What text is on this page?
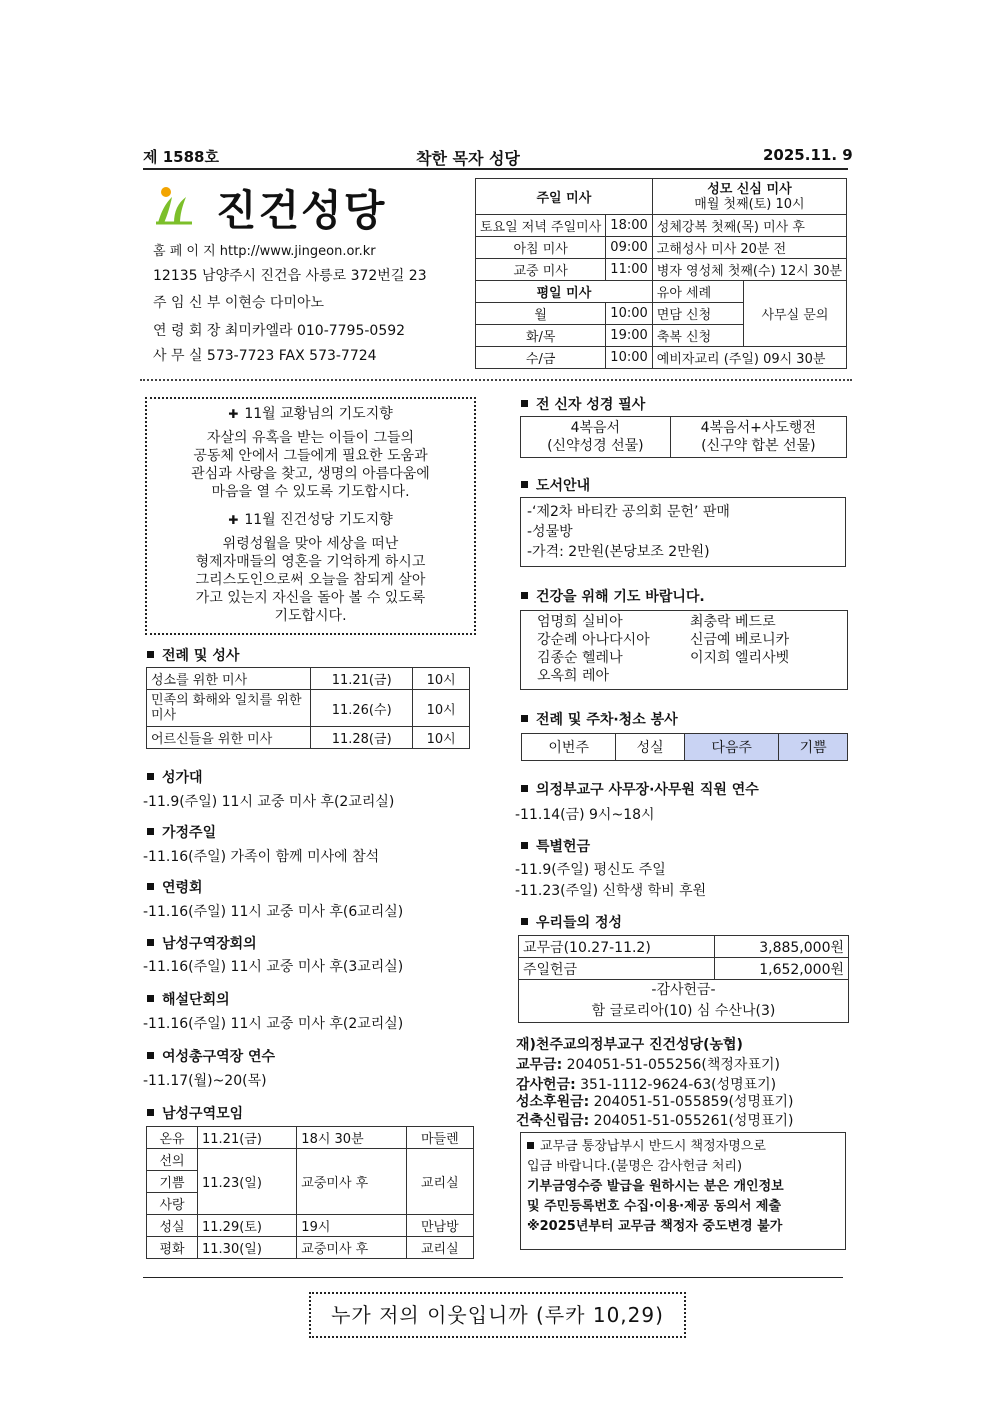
제 1588호	착한 목자 성당	2025.11. 9
진건성당
홈 페 이 지 http://www.jingeon.or.kr
12135 남양주시 진건읍 사릉로 372번길 23
주 임 신 부 이현승 다미아노
연 령 회 장 최미카엘라 010-7795-0592
사 무 실 573-7723 FAX 573-7724
주일 미사		성모 신심 미사
매월 첫째(토) 10시	

토요일 저녁 주일미사	18:00	성체강복 첫째(목) 미사 후	
아침 미사	09:00	고해성사 미사 20분 전	
교중 미사	11:00	병자 영성체 첫째(수) 12시 30분	
평일 미사		유아 세례	사무실 문의
월	10:00	면담 신청	
화/목	19:00	축복 신청	
수/금	10:00	예비자교리 (주일) 09시 30분	
✚ 11월 교황님의 기도지향
자살의 유혹을 받는 이들이 그들의
공동체 안에서 그들에게 필요한 도움과
관심과 사랑을 찾고, 생명의 아름다움에
마음을 열 수 있도록 기도합시다.
✚ 11월 진건성당 기도지향
위령성월을 맞아 세상을 떠난
형제자매들의 영혼을 기억하게 하시고
그리스도인으로써 오늘을 참되게 살아
가고 있는지 자신을 돌아 볼 수 있도록
기도합시다.
전례 및 성사
성소를 위한 미사	11.21(금)	10시
민족의 화해와 일치를 위한 미사	11.26(수)	10시
어르신들을 위한 미사	11.28(금)	10시
성가대
-11.9(주일) 11시 교중 미사 후(2교리실)
가정주일
-11.16(주일) 가족이 함께 미사에 참석
연령회
-11.16(주일) 11시 교중 미사 후(6교리실)
남성구역장회의
-11.16(주일) 11시 교중 미사 후(3교리실)
해설단회의
-11.16(주일) 11시 교중 미사 후(2교리실)
여성총구역장 연수
-11.17(월)~20(목)
남성구역모임
온유	11.21(금)	18시 30분	마들렌
선의	11.23(일)	교중미사 후	교리실
기쁨			
사랑			
성실	11.29(토)	19시	만남방
평화	11.30(일)	교중미사 후	교리실
전 신자 성경 필사
4복음서
(신약성경 선물)

4복음서+사도행전
(신구약 합본 선물)
도서안내
-‘제2차 바티칸 공의회 문헌’ 판매
-성물방
-가격: 2만원(본당보조 2만원)
건강을 위해 기도 바랍니다.
엄명희 실비아
강순례 아나다시아
김종순 헬레나
오옥희 레아
최충락 베드로
신금예 베로니카
이지희 엘리사벳
전례 및 주차·청소 봉사
이번주	성실	다음주	기쁨
의정부교구 사무장·사무원 직원 연수
-11.14(금) 9시~18시
특별헌금
-11.9(주일) 평신도 주일
-11.23(주일) 신학생 학비 후원
우리들의 정성
교무금(10.27-11.2)	3,885,000원
주일헌금	1,652,000원

-감사헌금-
함 글로리아(10) 심 수산나(3)	
재)천주교의정부교구 진건성당(농협)
교무금: 204051-51-055256(책정자표기)
감사헌금: 351-1112-9624-63(성명표기)
성소후원금: 204051-51-055859(성명표기)
건축신립금: 204051-51-055261(성명표기)
교무금 통장납부시 반드시 책정자명으로
입금 바랍니다.(불명은 감사헌금 처리)
기부금영수증 발급을 원하시는 분은 개인정보
및 주민등록번호 수집·이용·제공 동의서 제출
※2025년부터 교무금 책정자 중도변경 불가
누가 저의 이웃입니까 (루카 10,29)
